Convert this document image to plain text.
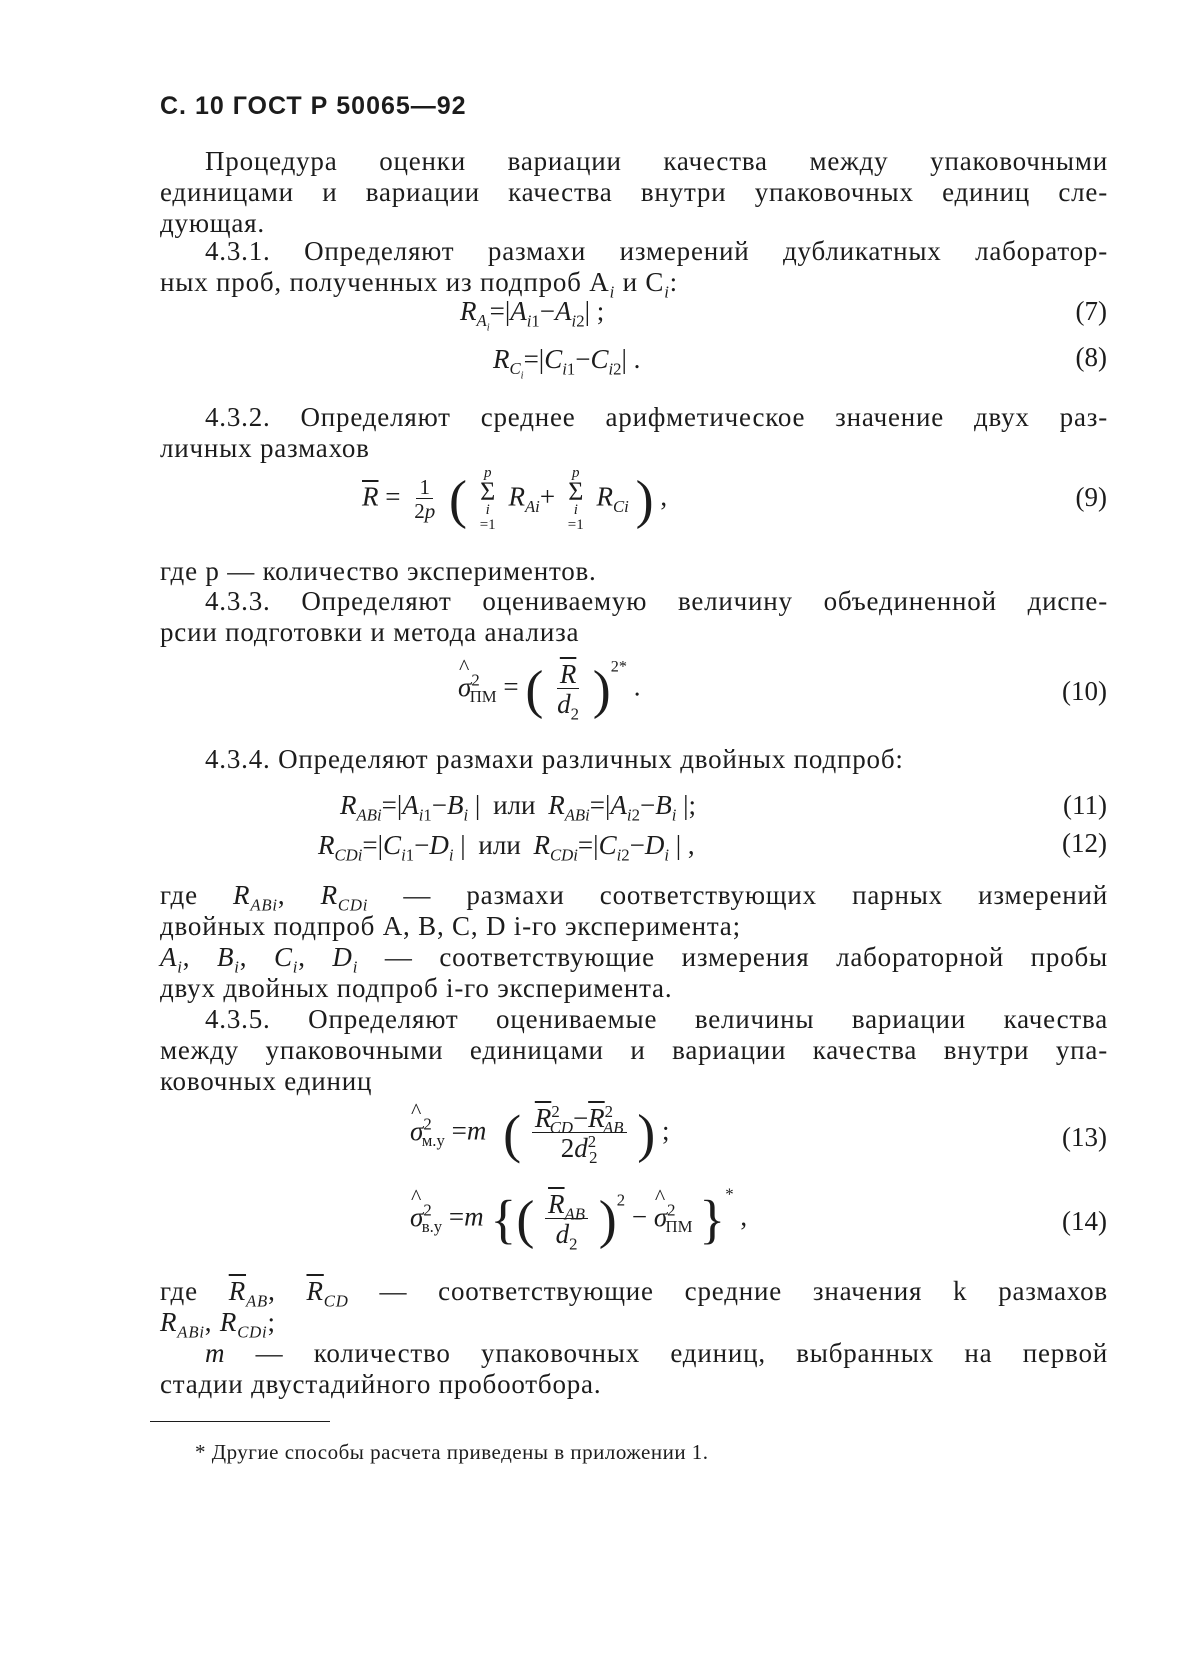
С. 10 ГОСТ Р 50065—92
Процедура оценки вариации качества между упаковочными
единицами и вариации качества внутри упаковочных единиц сле-
дующая.
4.3.1. Определяют размахи измерений дубликатных лаборатор-
ных проб, полученных из подпроб $A_i$ и $C_i$:
$R_{A_i}=|A_{i1}-A_{i2}|$ ;	(7)
$R_{C_i}=|C_{i1}-C_{i2}|$ .	(8)
4.3.2. Определяют среднее арифметическое значение двух раз-
личных размахов
$\overline{R} = \frac{1}{2p}$ ( p
Σ
i
=1 $R_{Ai}+$
p
Σ
i
=1 $R_{Ci}$ ) ,	(9)
где p — количество экспериментов.
4.3.3. Определяют оцениваемую величину объединенной диспе-
рсии подготовки и метода анализа
^ $\sigma^2_{ПМ}$ = ( $\frac{\overline{R}}{d_2} )^{2*}$ .	(10)
4.3.4. Определяют размахи различных двойных подпроб:
$R_{ABi}=|A_{i1}-B_i$ | или $R_{ABi}=|A_{i2}-B_i$ |;	(11)
$R_{CDi}=|C_{i1}-D_i$ | или $R_{CDi}=|C_{i2}-D_i$ | ,	(12)
где $R_{ABi}$, $R_{CDi}$ — размахи соответствующих парных измерений
двойных подпроб A, B, C, D i-го эксперимента;
$A_i$, $B_i$, $C_i$, $D_i$ — соответствующие измерения лабораторной пробы
двух двойных подпроб i-го эксперимента.
4.3.5. Определяют оцениваемые величины вариации качества
между упаковочными единицами и вариации качества внутри упа-
ковочных единиц
^ $\sigma^2_{м.у} =m$ ( $\frac{\overline{R}^2_{CD}-\overline{R}^2_{AB}}{2d^2_2}$ ) ;	(13)
^ $\sigma^2_{в.у} =m$ {( $\frac{\overline{R}_{AB}}{d_2} )^2$ − ^ $\sigma^2_{ПМ}$ }* ,	(14)
где $\overline{R}_{AB}$, $\overline{R}_{CD}$ — соответствующие средние значения k размахов
$R_{ABi}$, $R_{CDi}$;
m — количество упаковочных единиц, выбранных на первой
стадии двустадийного пробоотбора.
* Другие способы расчета приведены в приложении 1.
